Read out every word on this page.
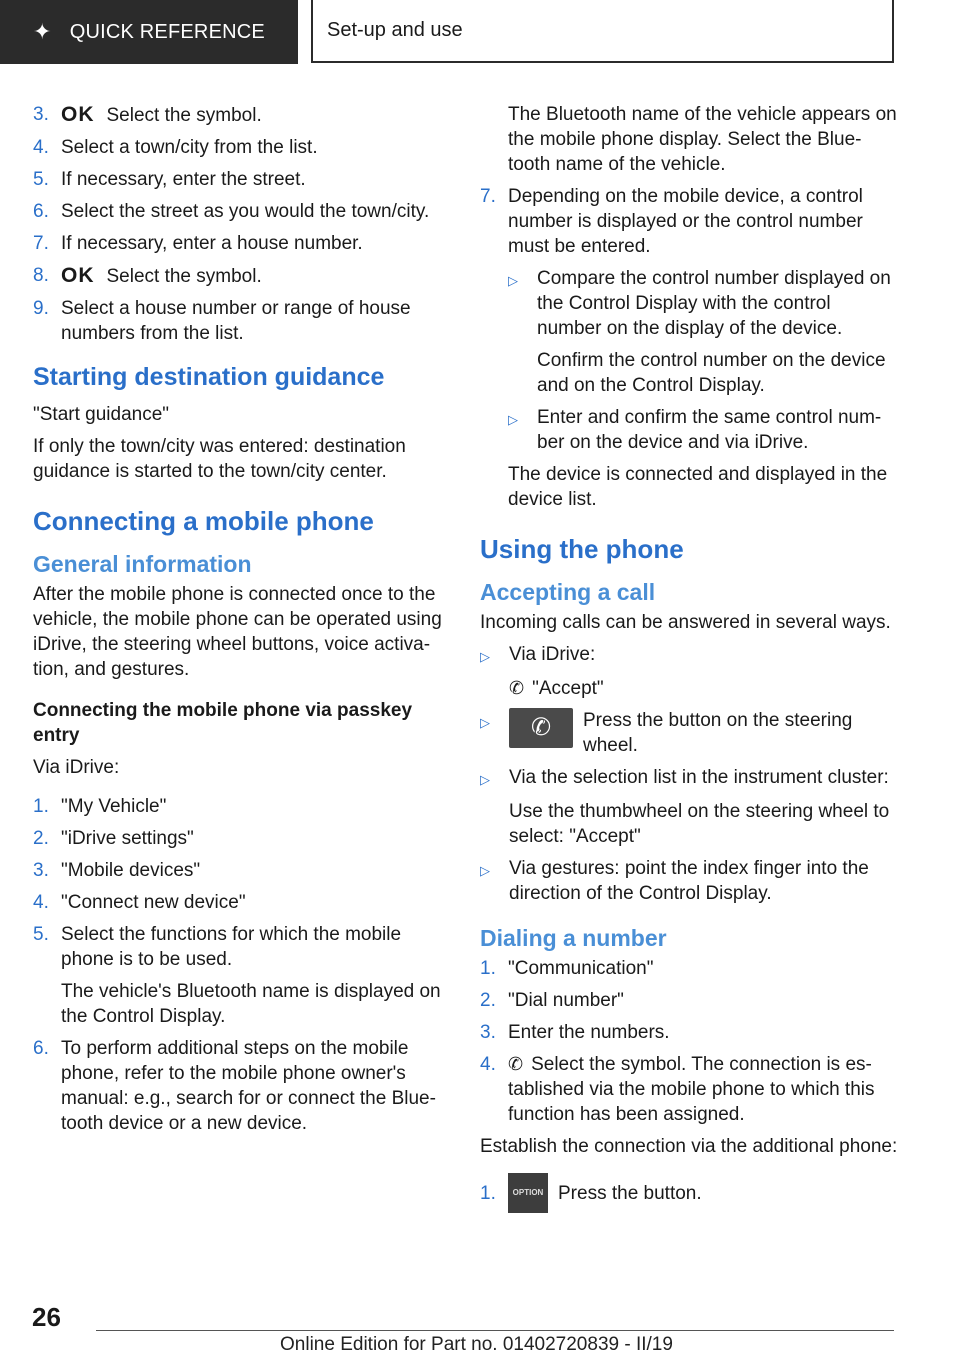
✦ QUICK REFERENCE	Set-up and use
3. OK Select the symbol.
4. Select a town/city from the list.
5. If necessary, enter the street.
6. Select the street as you would the town/city.
7. If necessary, enter a house number.
8. OK Select the symbol.
9. Select a house number or range of house numbers from the list.
Starting destination guidance

"Start guidance"

If only the town/city was entered: destination guidance is started to the town/city center.

Connecting a mobile phone
General information

After the mobile phone is connected once to the vehicle, the mobile phone can be operated using iDrive, the steering wheel buttons, voice activa-tion, and gestures.

Connecting the mobile phone via passkey entry

Via iDrive:

1. "My Vehicle"
2. "iDrive settings"
3. "Mobile devices"
4. "Connect new device"
5. Select the functions for which the mobile phone is to be used.
The vehicle's Bluetooth name is displayed on the Control Display.
6. To perform additional steps on the mobile phone, refer to the mobile phone owner's manual: e.g., search for or connect the Blue-tooth device or a new device.
The Bluetooth name of the vehicle appears on the mobile phone display. Select the Blue-tooth name of the vehicle.
7. Depending on the mobile device, a control number is displayed or the control number must be entered.
▷	Compare the control number displayed on the Control Display with the control number on the display of the device.
Confirm the control number on the device and on the Control Display.
▷	Enter and confirm the same control num-ber on the device and via iDrive.
The device is connected and displayed in the device list.
Using the phone
Accepting a call

Incoming calls can be answered in several ways.

▷	Via iDrive:
✆ "Accept"
▷	✆	Press the button on the steering wheel.
▷	Via the selection list in the instrument cluster:
Use the thumbwheel on the steering wheel to select: "Accept"
▷	Via gestures: point the index finger into the direction of the Control Display.
Dialing a number
1. "Communication"
2. "Dial number"
3. Enter the numbers.
4. ✆ Select the symbol. The connection is es-tablished via the mobile phone to which this function has been assigned.

Establish the connection via the additional phone:

1.	OPTION Press the button.
26
Online Edition for Part no. 01402720839 - II/19
